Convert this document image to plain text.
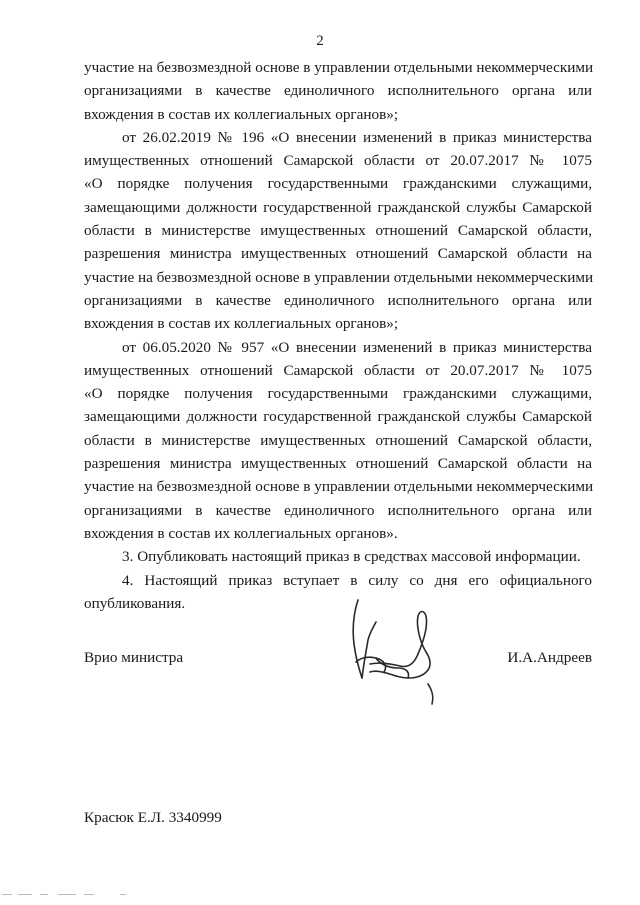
2

участие на безвозмездной основе в управлении отдельными некоммерческими
организациями в качестве единоличного исполнительного органа или
вхождения в состав их коллегиальных органов»;

от 26.02.2019 № 196 «О внесении изменений в приказ министерства
имущественных отношений Самарской области от 20.07.2017 № 1075
«О порядке получения государственными гражданскими служащими,
замещающими должности государственной гражданской службы Самарской
области в министерстве имущественных отношений Самарской области,
разрешения министра имущественных отношений Самарской области на
участие на безвозмездной основе в управлении отдельными некоммерческими
организациями в качестве единоличного исполнительного органа или
вхождения в состав их коллегиальных органов»;

от 06.05.2020 № 957 «О внесении изменений в приказ министерства
имущественных отношений Самарской области от 20.07.2017 № 1075
«О порядке получения государственными гражданскими служащими,
замещающими должности государственной гражданской службы Самарской
области в министерстве имущественных отношений Самарской области,
разрешения министра имущественных отношений Самарской области на
участие на безвозмездной основе в управлении отдельными некоммерческими
организациями в качестве единоличного исполнительного органа или
вхождения в состав их коллегиальных органов».

3. Опубликовать настоящий приказ в средствах массовой информации.

4. Настоящий приказ вступает в силу со дня его официального
опубликования.

Врио министра	И.А.Андреев
Красюк Е.Л. 3340999
